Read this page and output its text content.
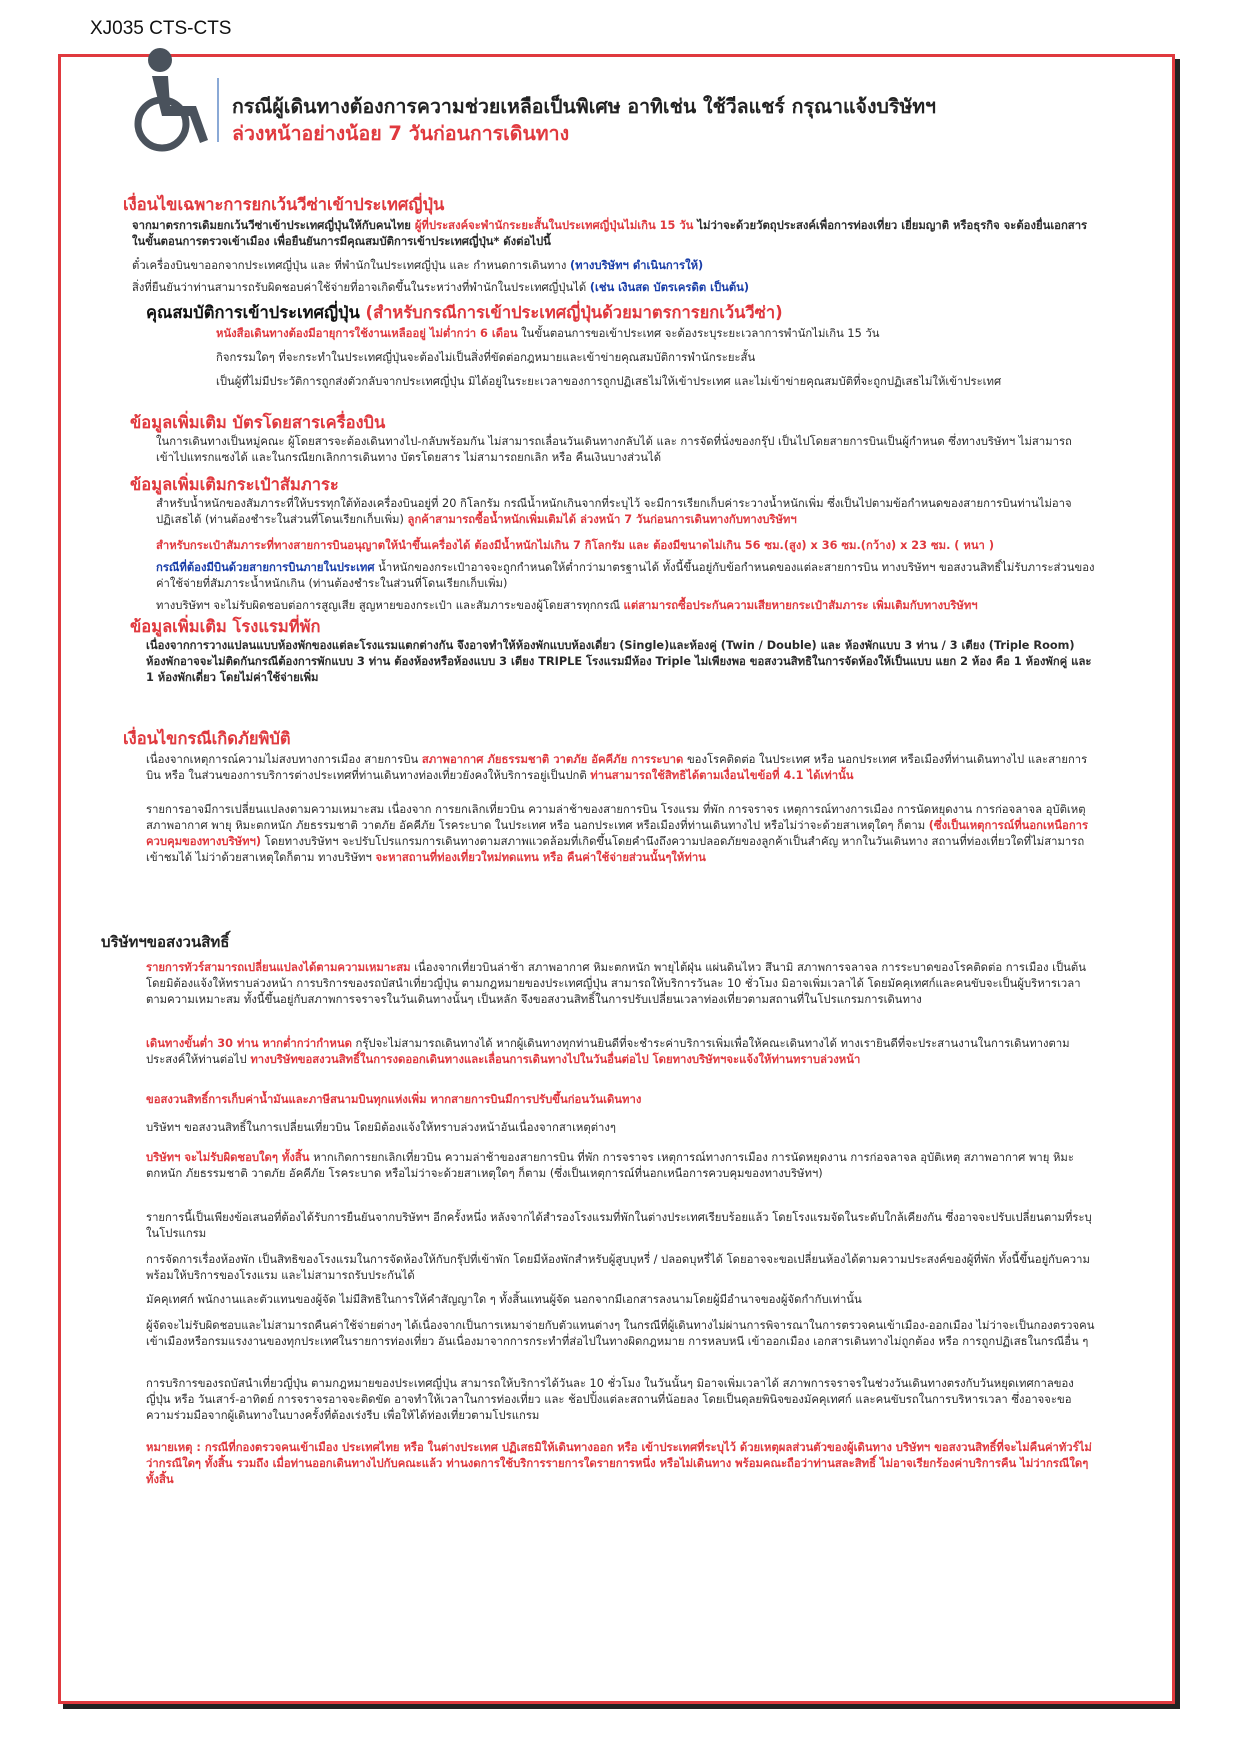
XJ035 CTS-CTS
กรณีผู้เดินทางต้องการความช่วยเหลือเป็นพิเศษ อาทิเช่น ใช้วีลแชร์ กรุณาแจ้งบริษัทฯ
ล่วงหน้าอย่างน้อย 7 วันก่อนการเดินทาง
เงื่อนไขเฉพาะการยกเว้นวีซ่าเข้าประเทศญี่ปุ่น
จากมาตรการเดิมยกเว้นวีซ่าเข้าประเทศญี่ปุ่นให้กับคนไทย ผู้ที่ประสงค์จะพำนักระยะสั้นในประเทศญี่ปุ่นไม่เกิน 15 วัน ไม่ว่าจะด้วยวัตถุประสงค์เพื่อการท่องเที่ยว เยี่ยมญาติ หรือธุรกิจ จะต้องยื่นเอกสารในขั้นตอนการตรวจเข้าเมือง เพื่อยืนยันการมีคุณสมบัติการเข้าประเทศญี่ปุ่น* ดังต่อไปนี้
ตั๋วเครื่องบินขาออกจากประเทศญี่ปุ่น และ ที่พำนักในประเทศญี่ปุ่น และ กำหนดการเดินทาง (ทางบริษัทฯ ดำเนินการให้)
สิ่งที่ยืนยันว่าท่านสามารถรับผิดชอบค่าใช้จ่ายที่อาจเกิดขึ้นในระหว่างที่พำนักในประเทศญี่ปุ่นได้ (เช่น เงินสด บัตรเครดิต เป็นต้น)
คุณสมบัติการเข้าประเทศญี่ปุ่น (สำหรับกรณีการเข้าประเทศญี่ปุ่นด้วยมาตรการยกเว้นวีซ่า)
หนังสือเดินทางต้องมีอายุการใช้งานเหลืออยู่ ไม่ต่ำกว่า 6 เดือน ในขั้นตอนการขอเข้าประเทศ จะต้องระบุระยะเวลาการพำนักไม่เกิน 15 วัน
กิจกรรมใดๆ ที่จะกระทำในประเทศญี่ปุ่นจะต้องไม่เป็นสิ่งที่ขัดต่อกฎหมายและเข้าข่ายคุณสมบัติการพำนักระยะสั้น
เป็นผู้ที่ไม่มีประวัติการถูกส่งตัวกลับจากประเทศญี่ปุ่น มิได้อยู่ในระยะเวลาของการถูกปฏิเสธไม่ให้เข้าประเทศ และไม่เข้าข่ายคุณสมบัติที่จะถูกปฏิเสธไม่ให้เข้าประเทศ
ข้อมูลเพิ่มเติม บัตรโดยสารเครื่องบิน
ในการเดินทางเป็นหมู่คณะ ผู้โดยสารจะต้องเดินทางไป-กลับพร้อมกัน ไม่สามารถเลื่อนวันเดินทางกลับได้ และ การจัดที่นั่งของกรุ๊ป เป็นไปโดยสายการบินเป็นผู้กำหนด ซึ่งทางบริษัทฯ ไม่สามารถเข้าไปแทรกแซงได้ และในกรณียกเลิกการเดินทาง บัตรโดยสาร ไม่สามารถยกเลิก หรือ คืนเงินบางส่วนได้
ข้อมูลเพิ่มเติมกระเป๋าสัมภาระ
สำหรับน้ำหนักของสัมภาระที่ให้บรรทุกใต้ท้องเครื่องบินอยู่ที่ 20 กิโลกรัม กรณีน้ำหนักเกินจากที่ระบุไว้ จะมีการเรียกเก็บค่าระวางน้ำหนักเพิ่ม ซึ่งเป็นไปตามข้อกำหนดของสายการบินท่านไม่อาจปฏิเสธได้ (ท่านต้องชำระในส่วนที่โดนเรียกเก็บเพิ่ม) ลูกค้าสามารถซื้อน้ำหนักเพิ่มเติมได้ ล่วงหน้า 7 วันก่อนการเดินทางกับทางบริษัทฯ
สำหรับกระเป๋าสัมภาระที่ทางสายการบินอนุญาตให้นำขึ้นเครื่องได้ ต้องมีน้ำหนักไม่เกิน 7 กิโลกรัม และ ต้องมีขนาดไม่เกิน 56 ซม.(สูง) x 36 ซม.(กว้าง) x 23 ซม. ( หนา )
กรณีที่ต้องมีบินด้วยสายการบินภายในประเทศ น้ำหนักของกระเป๋าอาจจะถูกกำหนดให้ต่ำกว่ามาตรฐานได้ ทั้งนี้ขึ้นอยู่กับข้อกำหนดของแต่ละสายการบิน ทางบริษัทฯ ขอสงวนสิทธิ์ไม่รับภาระส่วนของค่าใช้จ่ายที่สัมภาระน้ำหนักเกิน (ท่านต้องชำระในส่วนที่โดนเรียกเก็บเพิ่ม)
ทางบริษัทฯ จะไม่รับผิดชอบต่อการสูญเสีย สูญหายของกระเป๋า และสัมภาระของผู้โดยสารทุกกรณี แต่สามารถซื้อประกันความเสียหายกระเป๋าสัมภาระ เพิ่มเติมกับทางบริษัทฯ
ข้อมูลเพิ่มเติม โรงแรมที่พัก
เนื่องจากการวางแปลนแบบห้องพักของแต่ละโรงแรมแตกต่างกัน จึงอาจทำให้ห้องพักแบบห้องเดี่ยว (Single)และห้องคู่ (Twin / Double) และ ห้องพักแบบ 3 ท่าน / 3 เตียง (Triple Room) ห้องพักอาจจะไม่ติดกันกรณีต้องการพักแบบ 3 ท่าน ต้องห้องหรือห้องแบบ 3 เตียง TRIPLE โรงแรมมีห้อง Triple ไม่เพียงพอ ขอสงวนสิทธิในการจัดห้องให้เป็นแบบ แยก 2 ห้อง คือ 1 ห้องพักคู่ และ 1 ห้องพักเดี่ยว โดยไม่ค่าใช้จ่ายเพิ่ม
เงื่อนไขกรณีเกิดภัยพิบัติ
เนื่องจากเหตุการณ์ความไม่สงบทางการเมือง สายการบิน สภาพอากาศ ภัยธรรมชาติ วาตภัย อัคคีภัย การระบาด ของโรคติดต่อ ในประเทศ หรือ นอกประเทศ หรือเมืองที่ท่านเดินทางไป และสายการบิน หรือ ในส่วนของการบริการต่างประเทศที่ท่านเดินทางท่องเที่ยวยังคงให้บริการอยู่เป็นปกติ ท่านสามารถใช้สิทธิได้ตามเงื่อนไขข้อที่ 4.1 ได้เท่านั้น
รายการอาจมีการเปลี่ยนแปลงตามความเหมาะสม เนื่องจาก การยกเลิกเที่ยวบิน ความล่าช้าของสายการบิน โรงแรม ที่พัก การจราจร เหตุการณ์ทางการเมือง การนัดหยุดงาน การก่อจลาจล อุบัติเหตุ สภาพอากาศ พายุ หิมะตกหนัก ภัยธรรมชาติ วาตภัย อัคคีภัย โรคระบาด ในประเทศ หรือ นอกประเทศ หรือเมืองที่ท่านเดินทางไป หรือไม่ว่าจะด้วยสาเหตุใดๆ ก็ตาม (ซึ่งเป็นเหตุการณ์ที่นอกเหนือการควบคุมของทางบริษัทฯ) โดยทางบริษัทฯ จะปรับโปรแกรมการเดินทางตามสภาพแวดล้อมที่เกิดขึ้นโดยคำนึงถึงความปลอดภัยของลูกค้าเป็นสำคัญ หากในวันเดินทาง สถานที่ท่องเที่ยวใดที่ไม่สามารถเข้าชมได้ ไม่ว่าด้วยสาเหตุใดก็ตาม ทางบริษัทฯ จะหาสถานที่ท่องเที่ยวใหม่ทดแทน หรือ คืนค่าใช้จ่ายส่วนนั้นๆให้ท่าน
บริษัทฯขอสงวนสิทธิ์
รายการทัวร์สามารถเปลี่ยนแปลงได้ตามความเหมาะสม เนื่องจากเที่ยวบินล่าช้า สภาพอากาศ หิมะตกหนัก พายุไต้ฝุ่น แผ่นดินไหว สึนามิ สภาพการจลาจล การระบาดของโรคติดต่อ การเมือง เป็นต้น โดยมิต้องแจ้งให้ทราบล่วงหน้า การบริการของรถบัสนำเที่ยวญี่ปุ่น ตามกฎหมายของประเทศญี่ปุ่น สามารถให้บริการวันละ 10 ชั่วโมง มิอาจเพิ่มเวลาได้ โดยมัคคุเทศก์และคนขับจะเป็นผู้บริหารเวลาตามความเหมาะสม ทั้งนี้ขึ้นอยู่กับสภาพการจราจรในวันเดินทางนั้นๆ เป็นหลัก จึงขอสงวนสิทธิ์ในการปรับเปลี่ยนเวลาท่องเที่ยวตามสถานที่ในโปรแกรมการเดินทาง
เดินทางขั้นต่ำ 30 ท่าน หากต่ำกว่ากำหนด กรุ๊ปจะไม่สามารถเดินทางได้ หากผู้เดินทางทุกท่านยินดีที่จะชำระค่าบริการเพิ่มเพื่อให้คณะเดินทางได้ ทางเรายินดีที่จะประสานงานในการเดินทางตามประสงค์ให้ท่านต่อไป ทางบริษัทขอสงวนสิทธิ์ในการงดออกเดินทางและเลื่อนการเดินทางไปในวันอื่นต่อไป โดยทางบริษัทฯจะแจ้งให้ท่านทราบล่วงหน้า
ขอสงวนสิทธิ์การเก็บค่าน้ำมันและภาษีสนามบินทุกแห่งเพิ่ม หากสายการบินมีการปรับขึ้นก่อนวันเดินทาง
บริษัทฯ ขอสงวนสิทธิ์ในการเปลี่ยนเที่ยวบิน โดยมิต้องแจ้งให้ทราบล่วงหน้าอันเนื่องจากสาเหตุต่างๆ
บริษัทฯ จะไม่รับผิดชอบใดๆ ทั้งสิ้น หากเกิดการยกเลิกเที่ยวบิน ความล่าช้าของสายการบิน ที่พัก การจราจร เหตุการณ์ทางการเมือง การนัดหยุดงาน การก่อจลาจล อุบัติเหตุ สภาพอากาศ พายุ หิมะตกหนัก ภัยธรรมชาติ วาตภัย อัคคีภัย โรคระบาด หรือไม่ว่าจะด้วยสาเหตุใดๆ ก็ตาม (ซึ่งเป็นเหตุการณ์ที่นอกเหนือการควบคุมของทางบริษัทฯ)
รายการนี้เป็นเพียงข้อเสนอที่ต้องได้รับการยืนยันจากบริษัทฯ อีกครั้งหนึ่ง หลังจากได้สำรองโรงแรมที่พักในต่างประเทศเรียบร้อยแล้ว โดยโรงแรมจัดในระดับใกล้เคียงกัน ซึ่งอาจจะปรับเปลี่ยนตามที่ระบุในโปรแกรม
การจัดการเรื่องห้องพัก เป็นสิทธิของโรงแรมในการจัดห้องให้กับกรุ๊ปที่เข้าพัก โดยมีห้องพักสำหรับผู้สูบบุหรี่ / ปลอดบุหรี่ได้ โดยอาจจะขอเปลี่ยนห้องได้ตามความประสงค์ของผู้ที่พัก ทั้งนี้ขึ้นอยู่กับความพร้อมให้บริการของโรงแรม และไม่สามารถรับประกันได้
มัคคุเทศก์ พนักงานและตัวแทนของผู้จัด ไม่มีสิทธิในการให้คำสัญญาใด ๆ ทั้งสิ้นแทนผู้จัด นอกจากมีเอกสารลงนามโดยผู้มีอำนาจของผู้จัดกำกับเท่านั้น
ผู้จัดจะไม่รับผิดชอบและไม่สามารถคืนค่าใช้จ่ายต่างๆ ได้เนื่องจากเป็นการเหมาจ่ายกับตัวแทนต่างๆ ในกรณีที่ผู้เดินทางไม่ผ่านการพิจารณาในการตรวจคนเข้าเมือง-ออกเมือง ไม่ว่าจะเป็นกองตรวจคนเข้าเมืองหรือกรมแรงงานของทุกประเทศในรายการท่องเที่ยว อันเนื่องมาจากการกระทำที่ส่อไปในทางผิดกฎหมาย การหลบหนี เข้าออกเมือง เอกสารเดินทางไม่ถูกต้อง หรือ การถูกปฏิเสธในกรณีอื่น ๆ
การบริการของรถบัสนำเที่ยวญี่ปุ่น ตามกฎหมายของประเทศญี่ปุ่น สามารถให้บริการได้วันละ 10 ชั่วโมง ในวันนั้นๆ มิอาจเพิ่มเวลาได้ สภาพการจราจรในช่วงวันเดินทางตรงกับวันหยุดเทศกาลของญี่ปุ่น หรือ วันเสาร์-อาทิตย์ การจราจรอาจจะติดขัด อาจทำให้เวลาในการท่องเที่ยว และ ช้อปปิ้งแต่ละสถานที่น้อยลง โดยเป็นดุลยพินิจของมัคคุเทศก์ และคนขับรถในการบริหารเวลา ซึ่งอาจจะขอความร่วมมือจากผู้เดินทางในบางครั้งที่ต้องเร่งรีบ เพื่อให้ได้ท่องเที่ยวตามโปรแกรม
หมายเหตุ : กรณีที่กองตรวจคนเข้าเมือง ประเทศไทย หรือ ในต่างประเทศ ปฏิเสธมิให้เดินทางออก หรือ เข้าประเทศที่ระบุไว้ ด้วยเหตุผลส่วนตัวของผู้เดินทาง บริษัทฯ ขอสงวนสิทธิ์ที่จะไม่คืนค่าทัวร์ไม่ว่ากรณีใดๆ ทั้งสิ้น รวมถึง เมื่อท่านออกเดินทางไปกับคณะแล้ว ท่านงดการใช้บริการรายการใดรายการหนึ่ง หรือไม่เดินทาง พร้อมคณะถือว่าท่านสละสิทธิ์ ไม่อาจเรียกร้องค่าบริการคืน ไม่ว่ากรณีใดๆ ทั้งสิ้น
